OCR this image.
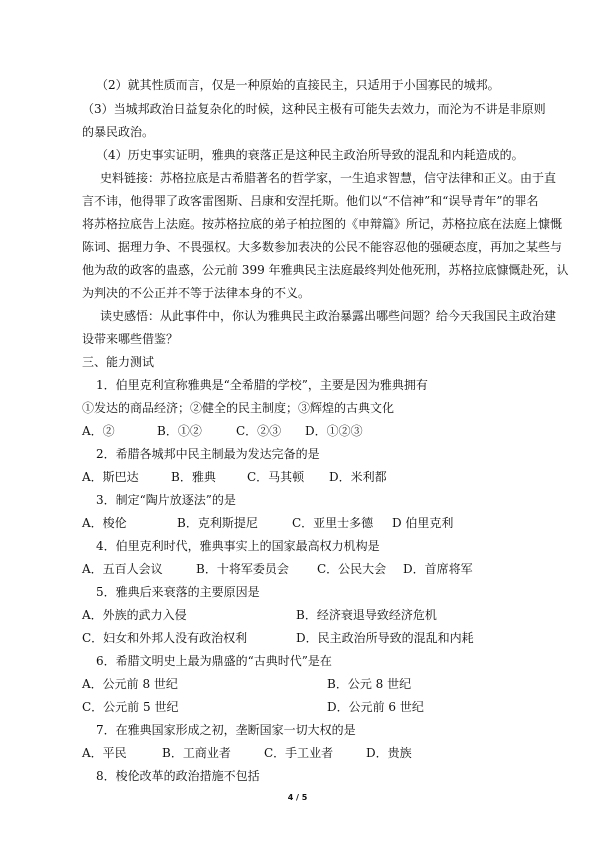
（2）就其性质而言，仅是一种原始的直接民主，只适用于小国寡民的城邦。
（3）当城邦政治日益复杂化的时候，这种民主极有可能失去效力，而沦为不讲是非原则
的暴民政治。
（4）历史事实证明，雅典的衰落正是这种民主政治所导致的混乱和内耗造成的。
史料链接：苏格拉底是古希腊著名的哲学家，一生追求智慧，信守法律和正义。由于直
言不讳，他得罪了政客雷图斯、吕康和安涅托斯。他们以“不信神”和“误导青年”的罪名
将苏格拉底告上法庭。按苏格拉底的弟子柏拉图的《申辩篇》所记，苏格拉底在法庭上慷慨
陈词、据理力争、不畏强权。大多数参加表决的公民不能容忍他的强硬态度，再加之某些与
他为敌的政客的蛊惑，公元前 399 年雅典民主法庭最终判处他死刑，苏格拉底慷慨赴死，认
为判决的不公正并不等于法律本身的不义。
读史感悟：从此事件中，你认为雅典民主政治暴露出哪些问题？给今天我国民主政治建
设带来哪些借鉴？
三、能力测试
1．伯里克利宣称雅典是“全希腊的学校”，主要是因为雅典拥有
①发达的商品经济；②健全的民主制度；③辉煌的古典文化
A．②	B．①②	C．②③ D．①②③
2．希腊各城邦中民主制最为发达完备的是
A．斯巴达	B．雅典	C．马其顿 D．米利都
3．制定“陶片放逐法”的是
A．梭伦	B．克利斯提尼	C．亚里士多德 D 伯里克利
4．伯里克利时代，雅典事实上的国家最高权力机构是
A．五百人会议	B．十将军委员会 C．公民大会 D．首席将军
5．雅典后来衰落的主要原因是
A．外族的武力入侵	B．经济衰退导致经济危机
C．妇女和外邦人没有政治权利	D．民主政治所导致的混乱和内耗
6．希腊文明史上最为鼎盛的“古典时代”是在
A．公元前 8 世纪	B．公元 8 世纪
C．公元前 5 世纪	D．公元前 6 世纪
7．在雅典国家形成之初，垄断国家一切大权的是
A．平民	B．工商业者	C．手工业者	D．贵族
8．梭伦改革的政治措施不包括
4 / 5
